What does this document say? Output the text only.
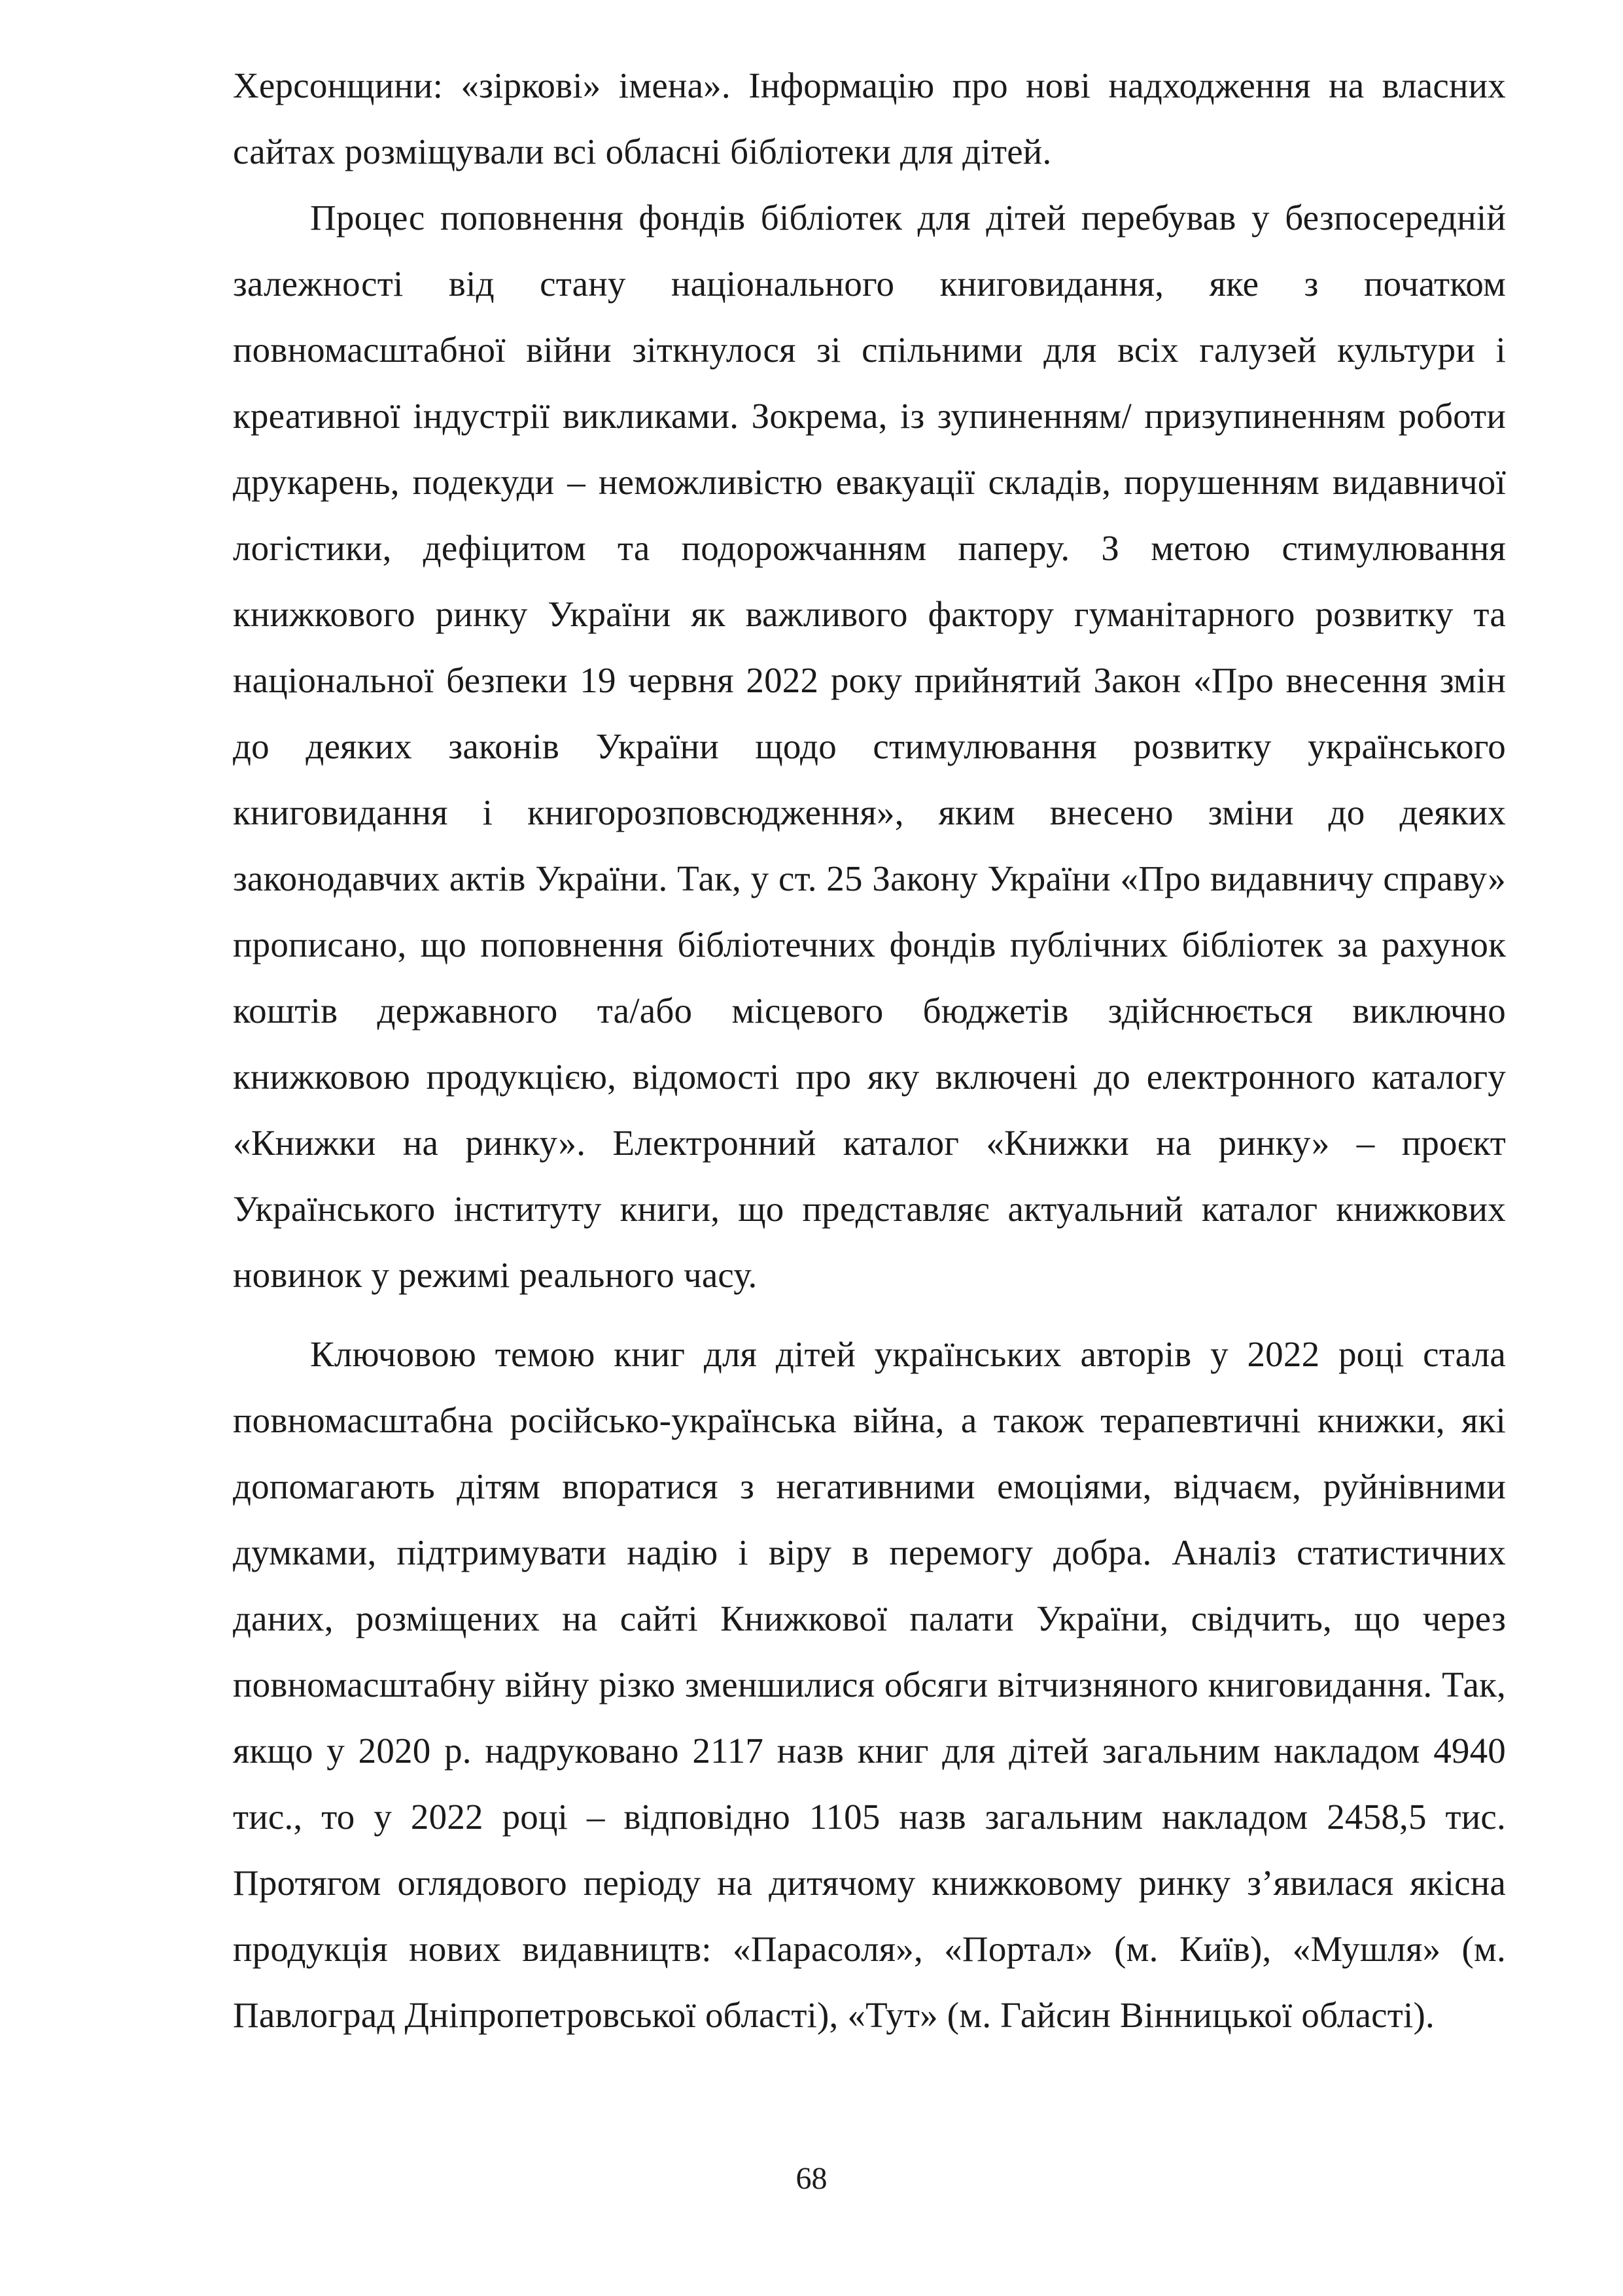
Херсонщини: «зіркові» імена». Інформацію про нові надходження на власних сайтах розміщували всі обласні бібліотеки для дітей.

Процес поповнення фондів бібліотек для дітей перебував у безпосередній залежності від стану національного книговидання, яке з початком повномасштабної війни зіткнулося зі спільними для всіх галузей культури і креативної індустрії викликами. Зокрема, із зупиненням/ призупиненням роботи друкарень, подекуди – неможливістю евакуації складів, порушенням видавничої логістики, дефіцитом та подорожчанням паперу. З метою стимулювання книжкового ринку України як важливого фактору гуманітарного розвитку та національної безпеки 19 червня 2022 року прийнятий Закон «Про внесення змін до деяких законів України щодо стимулювання розвитку українського книговидання і книгорозповсюдження», яким внесено зміни до деяких законодавчих актів України. Так, у ст. 25 Закону України «Про видавничу справу» прописано, що поповнення бібліотечних фондів публічних бібліотек за рахунок коштів державного та/або місцевого бюджетів здійснюється виключно книжковою продукцією, відомості про яку включені до електронного каталогу «Книжки на ринку». Електронний каталог «Книжки на ринку» – проєкт Українського інституту книги, що представляє актуальний каталог книжкових новинок у режимі реального часу.

Ключовою темою книг для дітей українських авторів у 2022 році стала повномасштабна російсько-українська війна, а також терапевтичні книжки, які допомагають дітям впоратися з негативними емоціями, відчаєм, руйнівними думками, підтримувати надію і віру в перемогу добра. Аналіз статистичних даних, розміщених на сайті Книжкової палати України, свідчить, що через повномасштабну війну різко зменшилися обсяги вітчизняного книговидання. Так, якщо у 2020 р. надруковано 2117 назв книг для дітей загальним накладом 4940 тис., то у 2022 році – відповідно 1105 назв загальним накладом 2458,5 тис. Протягом оглядового періоду на дитячому книжковому ринку з’явилася якісна продукція нових видавництв: «Парасоля», «Портал» (м. Київ), «Мушля» (м. Павлоград Дніпропетровської області), «Тут» (м. Гайсин Вінницької області).

68
